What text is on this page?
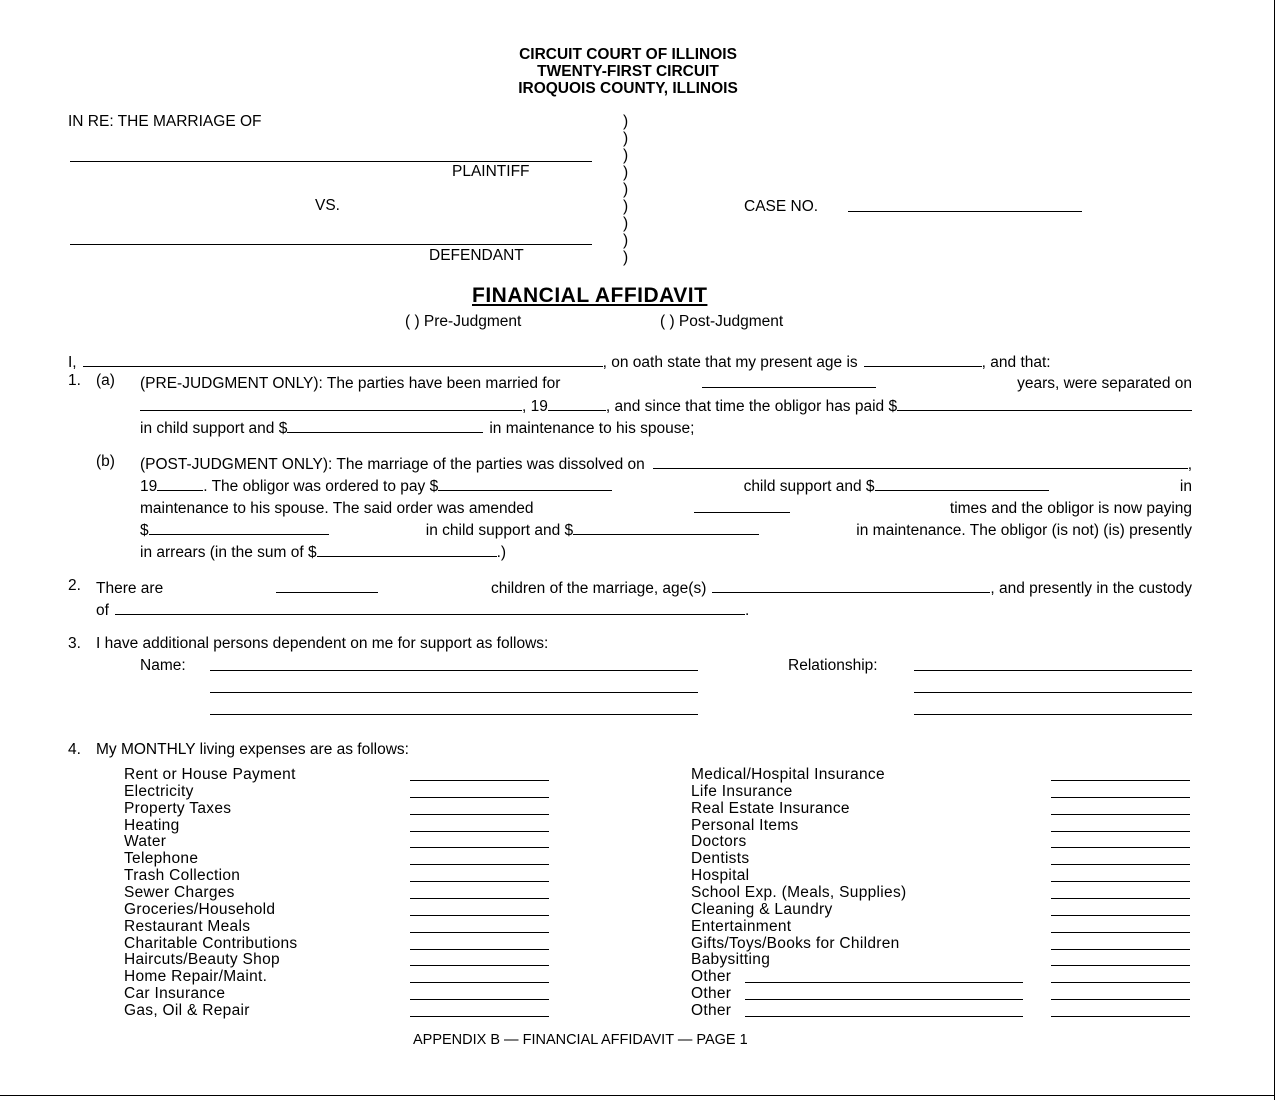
CIRCUIT COURT OF ILLINOIS
TWENTY-FIRST CIRCUIT
IROQUOIS COUNTY, ILLINOIS
IN RE: THE MARRIAGE OF
PLAINTIFF
VS.
DEFENDANT
)
)
)
)
)
)
)
)
)
CASE NO.
FINANCIAL AFFIDAVIT
( ) Pre-Judgment	( ) Post-Judgment
I,	, on oath state that my present age is	, and that:
1. (a) (PRE-JUDGMENT ONLY): The parties have been married for	years, were separated on
, 19	, and since that time the obligor has paid $
in child support and $	in maintenance to his spouse;
(b) (POST-JUDGMENT ONLY): The marriage of the parties was dissolved on	,
19	. The obligor was ordered to pay $	child support and $	in
maintenance to his spouse. The said order was amended	times and the obligor is now paying
$	in child support and $	in maintenance. The obligor (is not) (is) presently
in arrears (in the sum of $	.)
2. There are	children of the marriage, age(s)	, and presently in the custody
of	.
3. I have additional persons dependent on me for support as follows:
Name:	Relationship:
4. My MONTHLY living expenses are as follows:
Rent or House Payment
Electricity
Property Taxes
Heating
Water
Telephone
Trash Collection
Sewer Charges
Groceries/Household
Restaurant Meals
Charitable Contributions
Haircuts/Beauty Shop
Home Repair/Maint.
Car Insurance
Gas, Oil & Repair
Medical/Hospital Insurance
Life Insurance
Real Estate Insurance
Personal Items
Doctors
Dentists
Hospital
School Exp. (Meals, Supplies)
Cleaning & Laundry
Entertainment
Gifts/Toys/Books for Children
Babysitting
Other
Other
Other
APPENDIX B — FINANCIAL AFFIDAVIT — PAGE 1
